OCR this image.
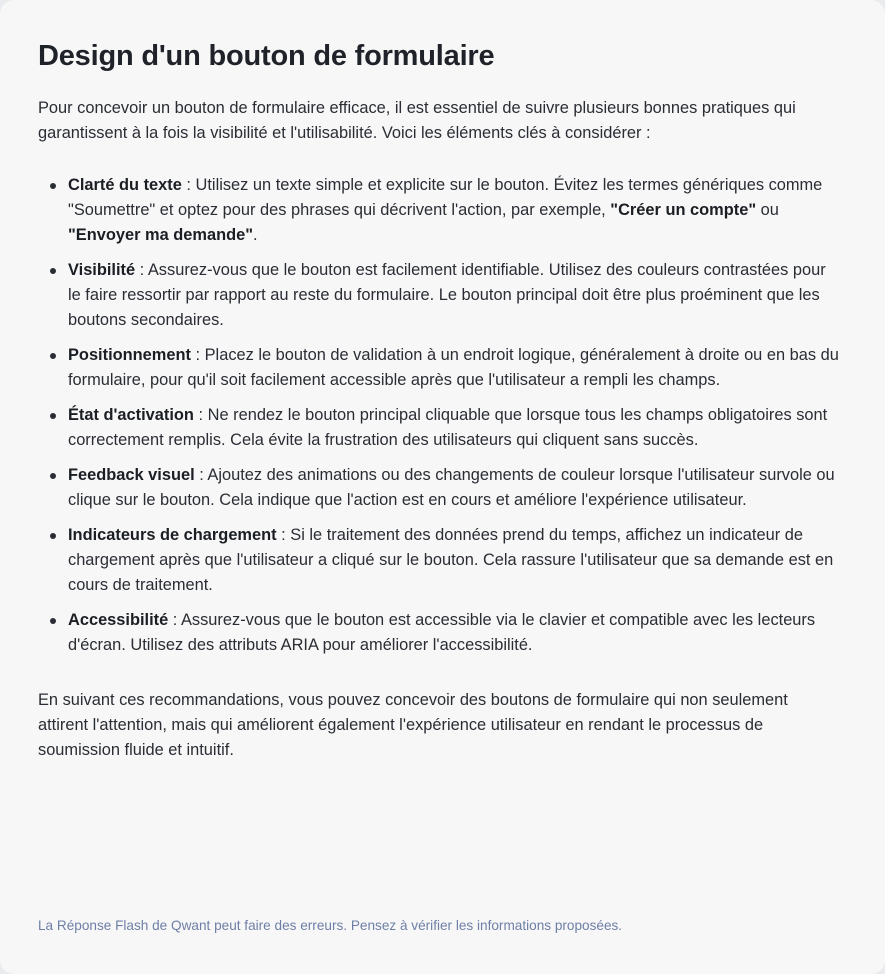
Design d'un bouton de formulaire

Pour concevoir un bouton de formulaire efficace, il est essentiel de suivre plusieurs bonnes pratiques qui garantissent à la fois la visibilité et l'utilisabilité. Voici les éléments clés à considérer :

Clarté du texte : Utilisez un texte simple et explicite sur le bouton. Évitez les termes génériques comme "Soumettre" et optez pour des phrases qui décrivent l'action, par exemple, "Créer un compte" ou "Envoyer ma demande".
Visibilité : Assurez-vous que le bouton est facilement identifiable. Utilisez des couleurs contrastées pour le faire ressortir par rapport au reste du formulaire. Le bouton principal doit être plus proéminent que les boutons secondaires.
Positionnement : Placez le bouton de validation à un endroit logique, généralement à droite ou en bas du formulaire, pour qu'il soit facilement accessible après que l'utilisateur a rempli les champs.
État d'activation : Ne rendez le bouton principal cliquable que lorsque tous les champs obligatoires sont correctement remplis. Cela évite la frustration des utilisateurs qui cliquent sans succès.
Feedback visuel : Ajoutez des animations ou des changements de couleur lorsque l'utilisateur survole ou clique sur le bouton. Cela indique que l'action est en cours et améliore l'expérience utilisateur.
Indicateurs de chargement : Si le traitement des données prend du temps, affichez un indicateur de chargement après que l'utilisateur a cliqué sur le bouton. Cela rassure l'utilisateur que sa demande est en cours de traitement.
Accessibilité : Assurez-vous que le bouton est accessible via le clavier et compatible avec les lecteurs d'écran. Utilisez des attributs ARIA pour améliorer l'accessibilité.

En suivant ces recommandations, vous pouvez concevoir des boutons de formulaire qui non seulement attirent l'attention, mais qui améliorent également l'expérience utilisateur en rendant le processus de soumission fluide et intuitif.

La Réponse Flash de Qwant peut faire des erreurs. Pensez à vérifier les informations proposées.
